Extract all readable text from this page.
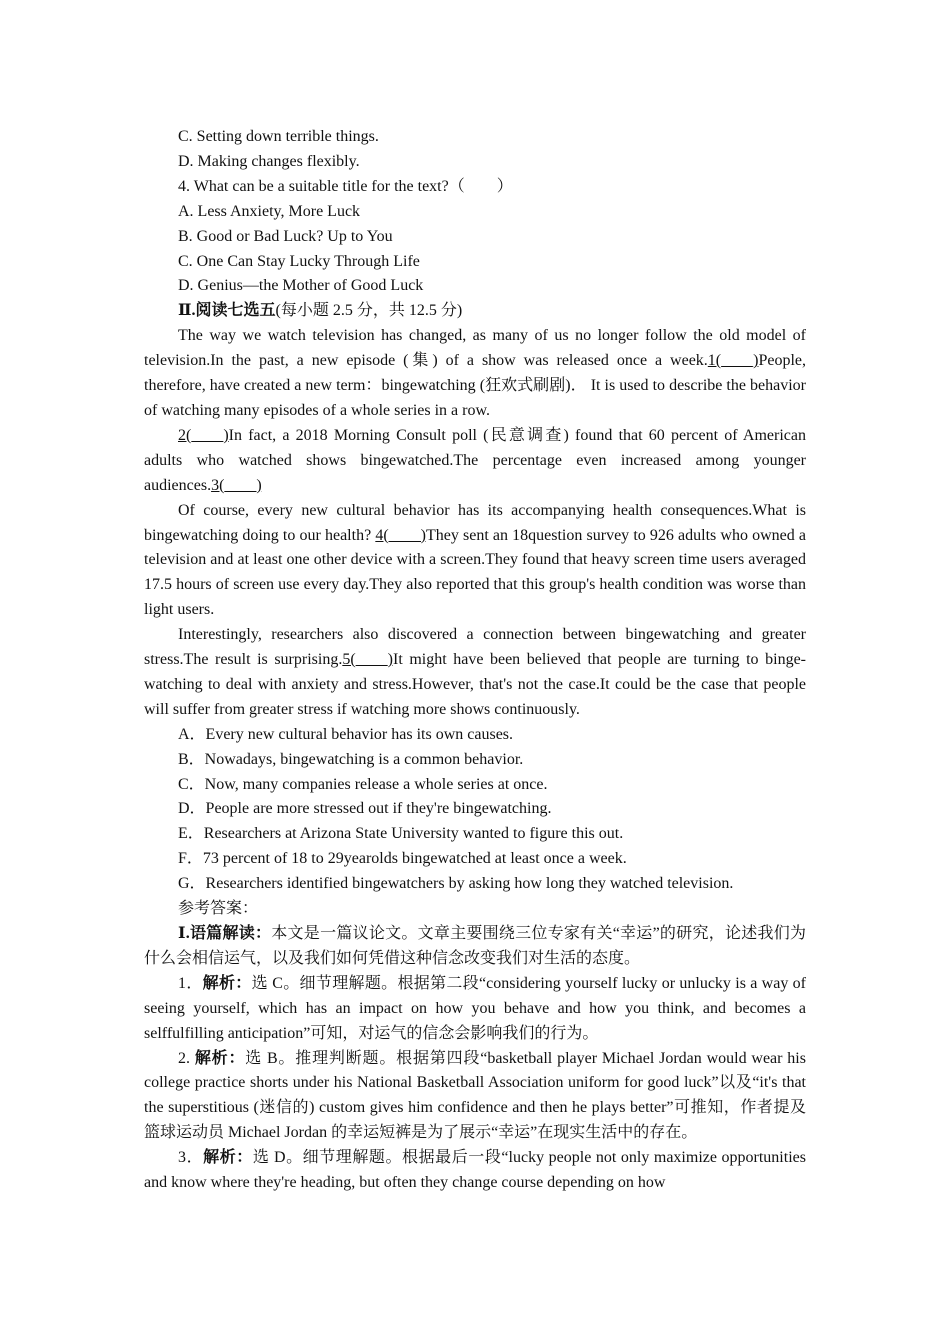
C. Setting down terrible things.
D. Making changes flexibly.
4. What can be a suitable title for the text?（　　）
A. Less Anxiety, More Luck
B. Good or Bad Luck? Up to You
C. One Can Stay Lucky Through Life
D. Genius—the Mother of Good Luck
Ⅱ.阅读七选五(每小题 2.5 分，共 12.5 分)
The way we watch television has changed, as many of us no longer follow the old model of television.In the past, a new episode (集) of a show was released once a week.1(____)People, therefore, have created a new term：bingewatching (狂欢式刷剧)． It is used to describe the behavior of watching many episodes of a whole series in a row.
2(____)In fact, a 2018 Morning Consult poll (民意调查) found that 60 percent of American adults who watched shows bingewatched.The percentage even increased among younger audiences.3(____)
Of course, every new cultural behavior has its accompanying health consequences.What is bingewatching doing to our health? 4(____)They sent an 18question survey to 926 adults who owned a television and at least one other device with a screen.They found that heavy screen time users averaged 17.5 hours of screen use every day.They also reported that this group's health condition was worse than light users.
Interestingly, researchers also discovered a connection between bingewatching and greater stress.The result is surprising.5(____)It might have been believed that people are turning to binge-watching to deal with anxiety and stress.However, that's not the case.It could be the case that people will suffer from greater stress if watching more shows continuously.
A．Every new cultural behavior has its own causes.
B．Nowadays, bingewatching is a common behavior.
C．Now, many companies release a whole series at once.
D．People are more stressed out if they're bingewatching.
E．Researchers at Arizona State University wanted to figure this out.
F．73 percent of 18 to 29yearolds bingewatched at least once a week.
G．Researchers identified bingewatchers by asking how long they watched television.
参考答案：
Ⅰ.语篇解读：本文是一篇议论文。文章主要围绕三位专家有关“幸运”的研究，论述我们为什么会相信运气，以及我们如何凭借这种信念改变我们对生活的态度。
1．解析：选 C。细节理解题。根据第二段“considering yourself lucky or unlucky is a way of seeing yourself, which has an impact on how you behave and how you think, and becomes a selffulfilling anticipation”可知，对运气的信念会影响我们的行为。
2. 解析：选 B。推理判断题。根据第四段“basketball player Michael Jordan would wear his college practice shorts under his National Basketball Association uniform for good luck”以及“it's that the superstitious (迷信的) custom gives him confidence and then he plays better”可推知，作者提及篮球运动员 Michael Jordan 的幸运短裤是为了展示“幸运”在现实生活中的存在。
3．解析：选 D。细节理解题。根据最后一段“lucky people not only maximize opportunities and know where they're heading, but often they change course depending on how
